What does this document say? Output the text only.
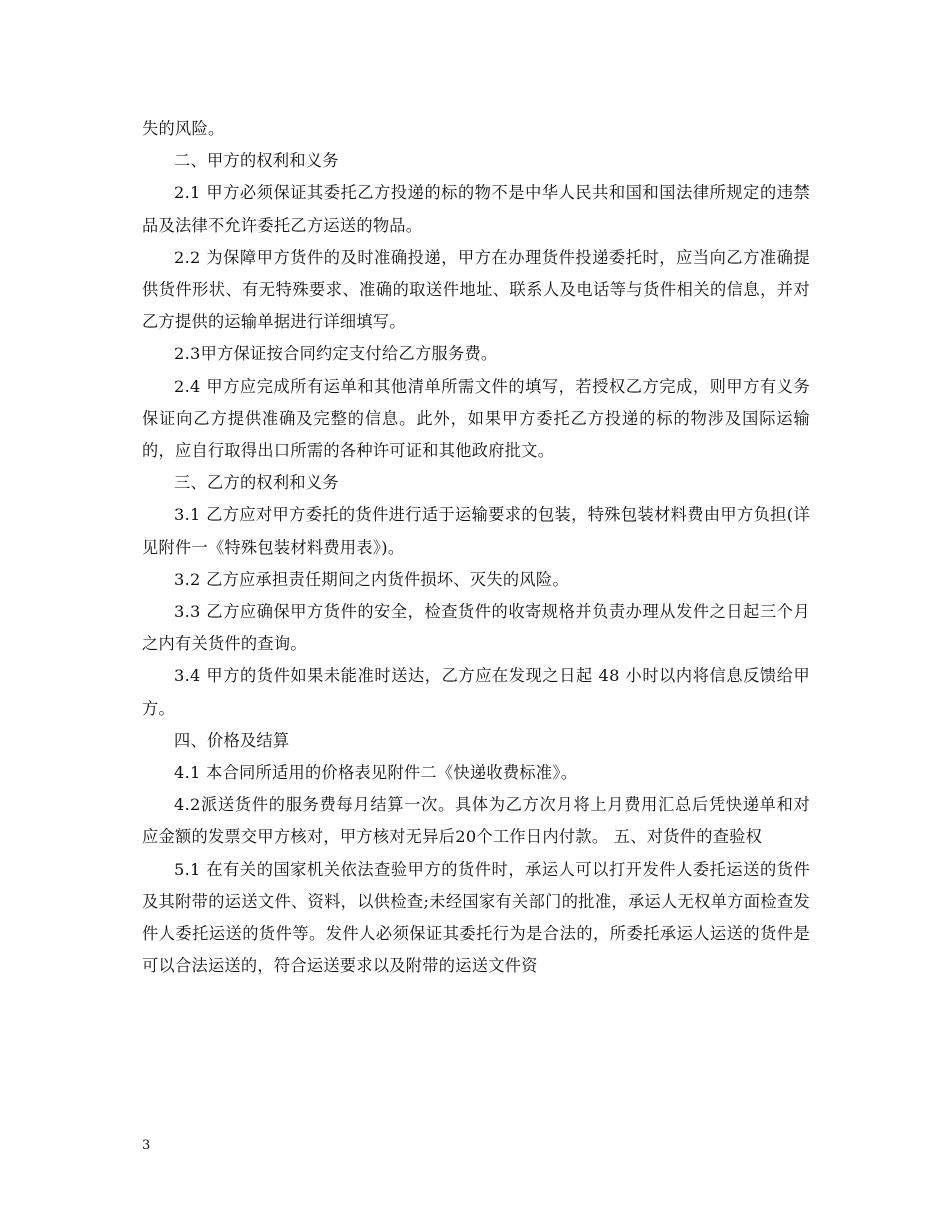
失的风险。

二、甲方的权利和义务

2.1 甲方必须保证其委托乙方投递的标的物不是中华人民共和国和国法律所规定的违禁品及法律不允许委托乙方运送的物品。

2.2 为保障甲方货件的及时准确投递，甲方在办理货件投递委托时，应当向乙方准确提供货件形状、有无特殊要求、准确的取送件地址、联系人及电话等与货件相关的信息，并对乙方提供的运输单据进行详细填写。

2.3甲方保证按合同约定支付给乙方服务费。

2.4 甲方应完成所有运单和其他清单所需文件的填写，若授权乙方完成，则甲方有义务保证向乙方提供准确及完整的信息。此外，如果甲方委托乙方投递的标的物涉及国际运输的，应自行取得出口所需的各种许可证和其他政府批文。

三、乙方的权利和义务

3.1 乙方应对甲方委托的货件进行适于运输要求的包装，特殊包装材料费由甲方负担(详见附件一《特殊包装材料费用表》)。

3.2 乙方应承担责任期间之内货件损坏、灭失的风险。

3.3 乙方应确保甲方货件的安全，检查货件的收寄规格并负责办理从发件之日起三个月之内有关货件的查询。

3.4 甲方的货件如果未能准时送达，乙方应在发现之日起 48 小时以内将信息反馈给甲方。

四、价格及结算

4.1 本合同所适用的价格表见附件二《快递收费标准》。

4.2派送货件的服务费每月结算一次。具体为乙方次月将上月费用汇总后凭快递单和对应金额的发票交甲方核对，甲方核对无异后20个工作日内付款。 五、对货件的查验权

5.1 在有关的国家机关依法查验甲方的货件时，承运人可以打开发件人委托运送的货件及其附带的运送文件、资料，以供检查;未经国家有关部门的批准，承运人无权单方面检查发件人委托运送的货件等。发件人必须保证其委托行为是合法的，所委托承运人运送的货件是可以合法运送的，符合运送要求以及附带的运送文件资

3
